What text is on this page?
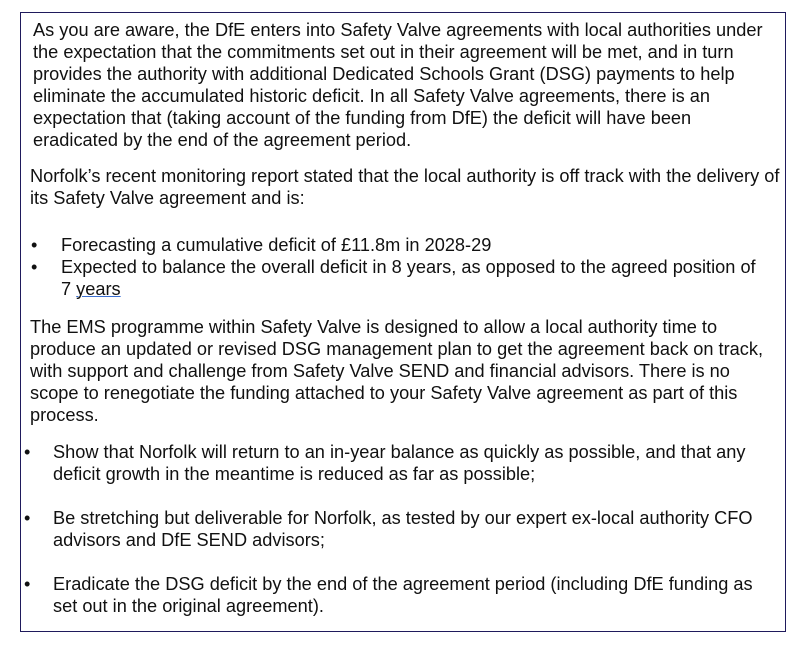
As you are aware, the DfE enters into Safety Valve agreements with local authorities under the expectation that the commitments set out in their agreement will be met, and in turn provides the authority with additional Dedicated Schools Grant (DSG) payments to help eliminate the accumulated historic deficit. In all Safety Valve agreements, there is an expectation that (taking account of the funding from DfE) the deficit will have been eradicated by the end of the agreement period.

Norfolk’s recent monitoring report stated that the local authority is off track with the delivery of its Safety Valve agreement and is:

• Forecasting a cumulative deficit of £11.8m in 2028-29
• Expected to balance the overall deficit in 8 years, as opposed to the agreed position of 7 years

The EMS programme within Safety Valve is designed to allow a local authority time to produce an updated or revised DSG management plan to get the agreement back on track, with support and challenge from Safety Valve SEND and financial advisors. There is no scope to renegotiate the funding attached to your Safety Valve agreement as part of this process.

• Show that Norfolk will return to an in-year balance as quickly as possible, and that any deficit growth in the meantime is reduced as far as possible;
• Be stretching but deliverable for Norfolk, as tested by our expert ex-local authority CFO advisors and DfE SEND advisors;
• Eradicate the DSG deficit by the end of the agreement period (including DfE funding as set out in the original agreement).
